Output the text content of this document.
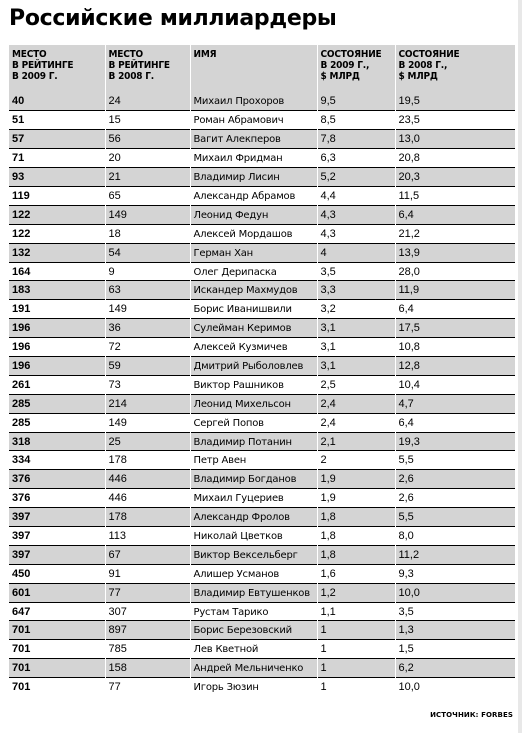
Российские миллиардеры
МЕСТО
В РЕЙТИНГЕ
В 2009 Г.	МЕСТО
В РЕЙТИНГЕ
В 2008 Г.	ИМЯ	СОСТОЯНИЕ
В 2009 Г.,
$ МЛРД	СОСТОЯНИЕ
В 2008 Г.,
$ МЛРД
40	24	Михаил Прохоров	9,5	19,5
51	15	Роман Абрамович	8,5	23,5
57	56	Вагит Алекперов	7,8	13,0
71	20	Михаил Фридман	6,3	20,8
93	21	Владимир Лисин	5,2	20,3
119	65	Александр Абрамов	4,4	11,5
122	149	Леонид Федун	4,3	6,4
122	18	Алексей Мордашов	4,3	21,2
132	54	Герман Хан	4	13,9
164	9	Олег Дерипаска	3,5	28,0
183	63	Искандер Махмудов	3,3	11,9
191	149	Борис Иванишвили	3,2	6,4
196	36	Сулейман Керимов	3,1	17,5
196	72	Алексей Кузмичев	3,1	10,8
196	59	Дмитрий Рыболовлев	3,1	12,8
261	73	Виктор Рашников	2,5	10,4
285	214	Леонид Михельсон	2,4	4,7
285	149	Сергей Попов	2,4	6,4
318	25	Владимир Потанин	2,1	19,3
334	178	Петр Авен	2	5,5
376	446	Владимир Богданов	1,9	2,6
376	446	Михаил Гуцериев	1,9	2,6
397	178	Александр Фролов	1,8	5,5
397	113	Николай Цветков	1,8	8,0
397	67	Виктор Вексельберг	1,8	11,2
450	91	Алишер Усманов	1,6	9,3
601	77	Владимир Евтушенков	1,2	10,0
647	307	Рустам Тарико	1,1	3,5
701	897	Борис Березовский	1	1,3
701	785	Лев Кветной	1	1,5
701	158	Андрей Мельниченко	1	6,2
701	77	Игорь Зюзин	1	10,0
ИСТОЧНИК: FORBES
